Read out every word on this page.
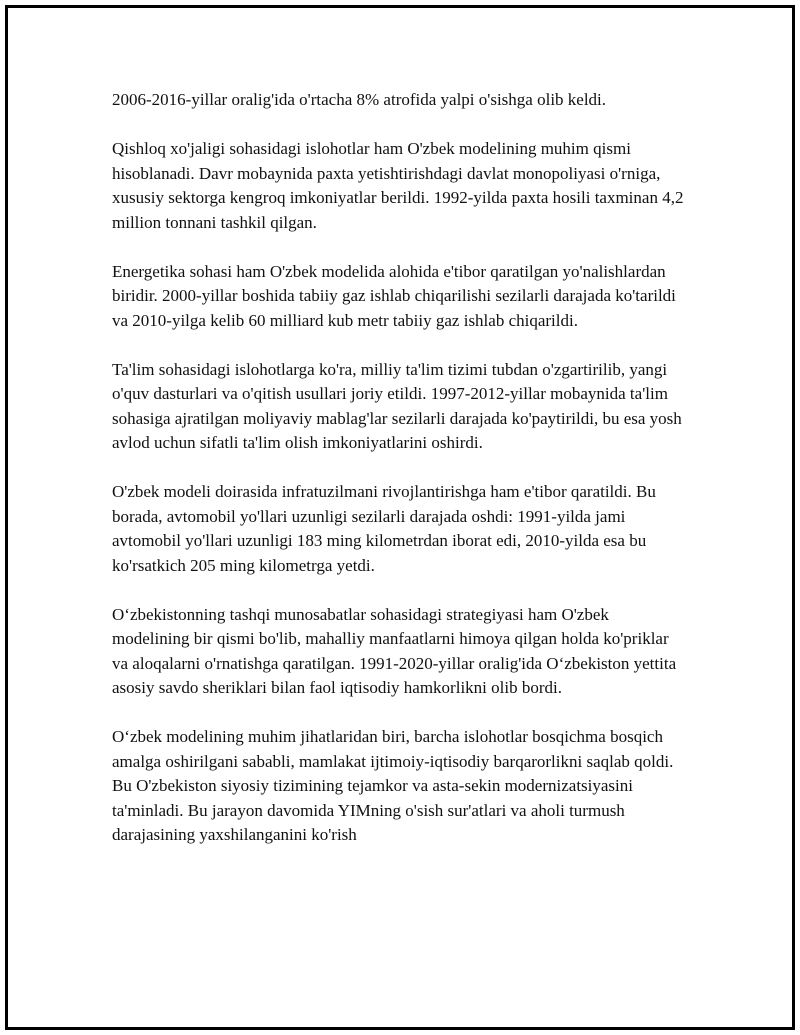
2006-2016-yillar oralig'ida o'rtacha 8% atrofida yalpi o'sishga olib keldi.

Qishloq xo'jaligi sohasidagi islohotlar ham O'zbek modelining muhim qismi hisoblanadi. Davr mobaynida paxta yetishtirishdagi davlat monopoliyasi o'rniga, xususiy sektorga kengroq imkoniyatlar berildi. 1992-yilda paxta hosili taxminan 4,2 million tonnani tashkil qilgan.

Energetika sohasi ham O'zbek modelida alohida e'tibor qaratilgan yo'nalishlardan biridir. 2000-yillar boshida tabiiy gaz ishlab chiqarilishi sezilarli darajada ko'tarildi va 2010-yilga kelib 60 milliard kub metr tabiiy gaz ishlab chiqarildi.

Ta'lim sohasidagi islohotlarga ko'ra, milliy ta'lim tizimi tubdan o'zgartirilib, yangi o'quv dasturlari va o'qitish usullari joriy etildi. 1997-2012-yillar mobaynida ta'lim sohasiga ajratilgan moliyaviy mablag'lar sezilarli darajada ko'paytirildi, bu esa yosh avlod uchun sifatli ta'lim olish imkoniyatlarini oshirdi.

O'zbek modeli doirasida infratuzilmani rivojlantirishga ham e'tibor qaratildi. Bu borada, avtomobil yo'llari uzunligi sezilarli darajada oshdi: 1991-yilda jami avtomobil yo'llari uzunligi 183 ming kilometrdan iborat edi, 2010-yilda esa bu ko'rsatkich 205 ming kilometrga yetdi.

O‘zbekistonning tashqi munosabatlar sohasidagi strategiyasi ham O'zbek modelining bir qismi bo'lib, mahalliy manfaatlarni himoya qilgan holda ko'priklar va aloqalarni o'rnatishga qaratilgan. 1991-2020-yillar oralig'ida O‘zbekiston yettita asosiy savdo sheriklari bilan faol iqtisodiy hamkorlikni olib bordi.

O‘zbek modelining muhim jihatlaridan biri, barcha islohotlar bosqichma bosqich amalga oshirilgani sababli, mamlakat ijtimoiy-iqtisodiy barqarorlikni saqlab qoldi. Bu O'zbekiston siyosiy tizimining tejamkor va asta-sekin modernizatsiyasini ta'minladi. Bu jarayon davomida YIMning o'sish sur'atlari va aholi turmush darajasining yaxshilanganini ko'rish
